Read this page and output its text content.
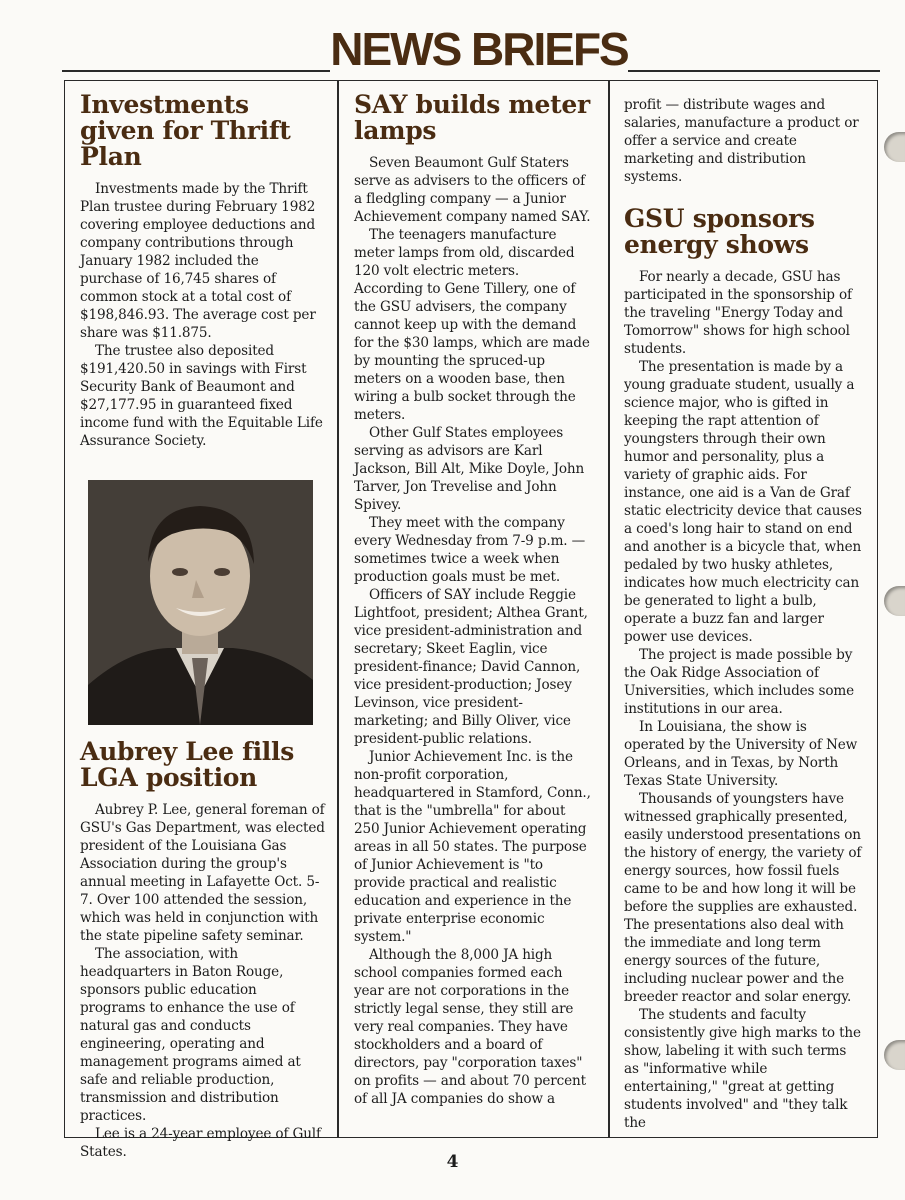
NEWS BRIEFS
Investments given for Thrift Plan

Investments made by the Thrift Plan trustee during February 1982 covering employee deductions and company contributions through January 1982 included the purchase of 16,745 shares of common stock at a total cost of $198,846.93. The average cost per share was $11.875.

The trustee also deposited $191,420.50 in savings with First Security Bank of Beaumont and $27,177.95 in guaranteed fixed income fund with the Equitable Life Assurance Society.

Aubrey Lee fills LGA position

Aubrey P. Lee, general foreman of GSU's Gas Department, was elected president of the Louisiana Gas Association during the group's annual meeting in Lafayette Oct. 5-7. Over 100 attended the session, which was held in conjunction with the state pipeline safety seminar.

The association, with headquarters in Baton Rouge, sponsors public education programs to enhance the use of natural gas and conducts engineering, operating and management programs aimed at safe and reliable production, transmission and distribution practices.

Lee is a 24-year employee of Gulf States.

SAY builds meter lamps

Seven Beaumont Gulf Staters serve as advisers to the officers of a fledgling company — a Junior Achievement company named SAY.

The teenagers manufacture meter lamps from old, discarded 120 volt electric meters. According to Gene Tillery, one of the GSU advisers, the company cannot keep up with the demand for the $30 lamps, which are made by mounting the spruced-up meters on a wooden base, then wiring a bulb socket through the meters.

Other Gulf States employees serving as advisors are Karl Jackson, Bill Alt, Mike Doyle, John Tarver, Jon Trevelise and John Spivey.

They meet with the company every Wednesday from 7-9 p.m. — sometimes twice a week when production goals must be met.

Officers of SAY include Reggie Lightfoot, president; Althea Grant, vice president-administration and secretary; Skeet Eaglin, vice president-finance; David Cannon, vice president-production; Josey Levinson, vice president-marketing; and Billy Oliver, vice president-public relations.

Junior Achievement Inc. is the non-profit corporation, headquartered in Stamford, Conn., that is the "umbrella" for about 250 Junior Achievement operating areas in all 50 states. The purpose of Junior Achievement is "to provide practical and realistic education and experience in the private enterprise economic system."

Although the 8,000 JA high school companies formed each year are not corporations in the strictly legal sense, they still are very real companies. They have stockholders and a board of directors, pay "corporation taxes" on profits — and about 70 percent of all JA companies do show a

profit — distribute wages and salaries, manufacture a product or offer a service and create marketing and distribution systems.

GSU sponsors energy shows

For nearly a decade, GSU has participated in the sponsorship of the traveling "Energy Today and Tomorrow" shows for high school students.

The presentation is made by a young graduate student, usually a science major, who is gifted in keeping the rapt attention of youngsters through their own humor and personality, plus a variety of graphic aids. For instance, one aid is a Van de Graf static electricity device that causes a coed's long hair to stand on end and another is a bicycle that, when pedaled by two husky athletes, indicates how much electricity can be generated to light a bulb, operate a buzz fan and larger power use devices.

The project is made possible by the Oak Ridge Association of Universities, which includes some institutions in our area.

In Louisiana, the show is operated by the University of New Orleans, and in Texas, by North Texas State University.

Thousands of youngsters have witnessed graphically presented, easily understood presentations on the history of energy, the variety of energy sources, how fossil fuels came to be and how long it will be before the supplies are exhausted. The presentations also deal with the immediate and long term energy sources of the future, including nuclear power and the breeder reactor and solar energy.

The students and faculty consistently give high marks to the show, labeling it with such terms as "informative while entertaining," "great at getting students involved" and "they talk the

4
